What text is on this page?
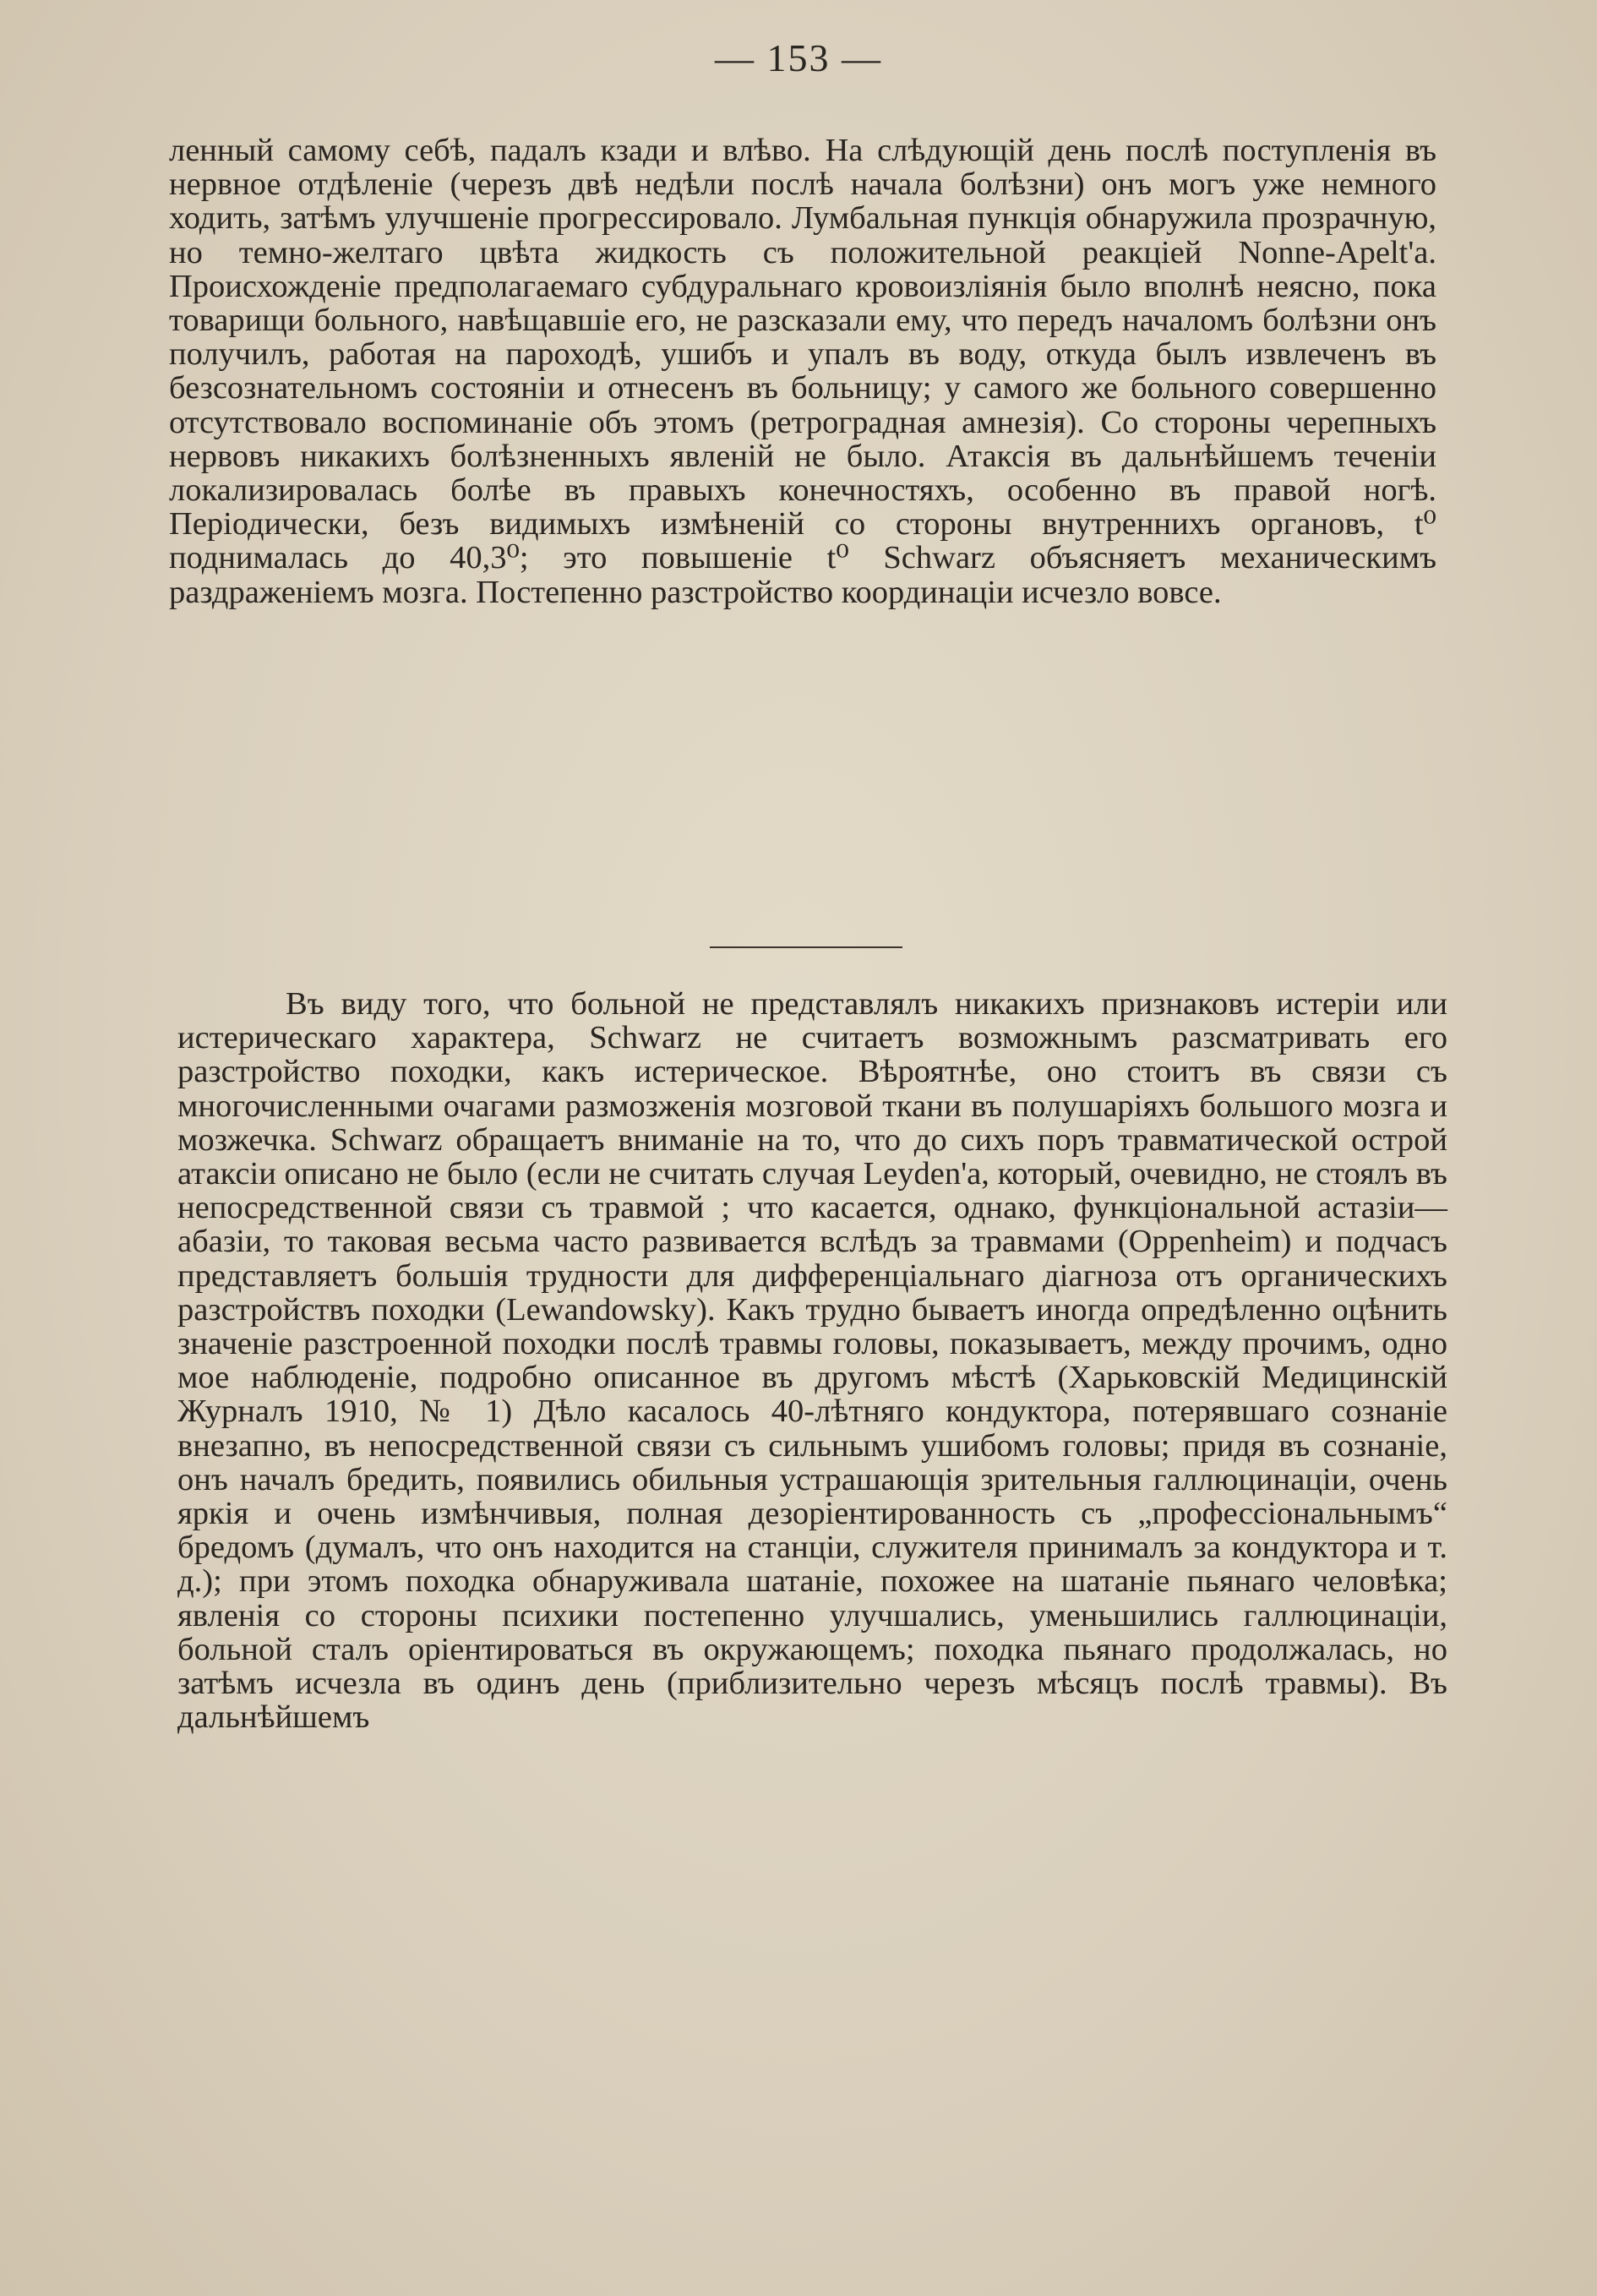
— 153 —

ленный самому себѣ, падалъ кзади и влѣво. На слѣдующій день послѣ поступленія въ нервное отдѣленіе (черезъ двѣ недѣли послѣ начала болѣзни) онъ могъ уже немного ходить, затѣмъ улучшеніе прогрессировало. Лумбальная пункція обнаружила прозрачную, но темно-желтаго цвѣта жидкость съ положительной реакціей Nonne-Apelt'a. Происхожденіе предполагаемаго субдуральнаго кровоизліянія было вполнѣ неясно, пока товарищи больного, навѣщавшіе его, не разсказали ему, что передъ началомъ болѣзни онъ получилъ, работая на пароходѣ, ушибъ и упалъ въ воду, откуда былъ извлеченъ въ безсознательномъ состояніи и отнесенъ въ больницу; у самого же больного совершенно отсутствовало воспоминаніе объ этомъ (ретроградная амнезія). Со стороны черепныхъ нервовъ никакихъ болѣзненныхъ явленій не было. Атаксія въ дальнѣйшемъ теченіи локализировалась болѣе въ правыхъ конечностяхъ, особенно въ правой ногѣ. Періодически, безъ видимыхъ измѣненій со стороны внутреннихъ органовъ, t⁰ поднималась до 40,3⁰; это повышеніе t⁰ Schwarz объясняетъ механическимъ раздраженіемъ мозга. Постепенно разстройство координаціи исчезло вовсе.

Въ виду того, что больной не представлялъ никакихъ признаковъ истеріи или истерическаго характера, Schwarz не считаетъ возможнымъ разсматривать его разстройство походки, какъ истерическое. Вѣроятнѣе, оно стоитъ въ связи съ многочисленными очагами размозженія мозговой ткани въ полушаріяхъ большого мозга и мозжечка. Schwarz обращаетъ вниманіе на то, что до сихъ поръ травматической острой атаксіи описано не было (если не считать случая Leyden'a, который, очевидно, не стоялъ въ непосредственной связи съ травмой ; что касается, однако, функціональной астазіи—абазіи, то таковая весьма часто развивается вслѣдъ за травмами (Oppenheim) и подчасъ представляетъ большія трудности для дифференціальнаго діагноза отъ органическихъ разстройствъ походки (Lewandowsky). Какъ трудно бываетъ иногда опредѣленно оцѣнить значеніе разстроенной походки послѣ травмы головы, показываетъ, между прочимъ, одно мое наблюденіе, подробно описанное въ другомъ мѣстѣ (Харьковскій Медицинскій Журналъ 1910, № 1) Дѣло касалось 40-лѣтняго кондуктора, потерявшаго сознаніе внезапно, въ непосредственной связи съ сильнымъ ушибомъ головы; придя въ сознаніе, онъ началъ бредить, появились обильныя устрашающія зрительныя галлюцинаціи, очень яркія и очень измѣнчивыя, полная дезоріентированность съ „профессіональнымъ“ бредомъ (думалъ, что онъ находится на станціи, служителя принималъ за кондуктора и т. д.); при этомъ походка обнаруживала шатаніе, похожее на шатаніе пьянаго человѣка; явленія со стороны психики постепенно улучшались, уменьшились галлюцинаціи, больной сталъ оріентироваться въ окружающемъ; походка пьянаго продолжалась, но затѣмъ исчезла въ одинъ день (приблизительно черезъ мѣсяцъ послѣ травмы). Въ дальнѣйшемъ
